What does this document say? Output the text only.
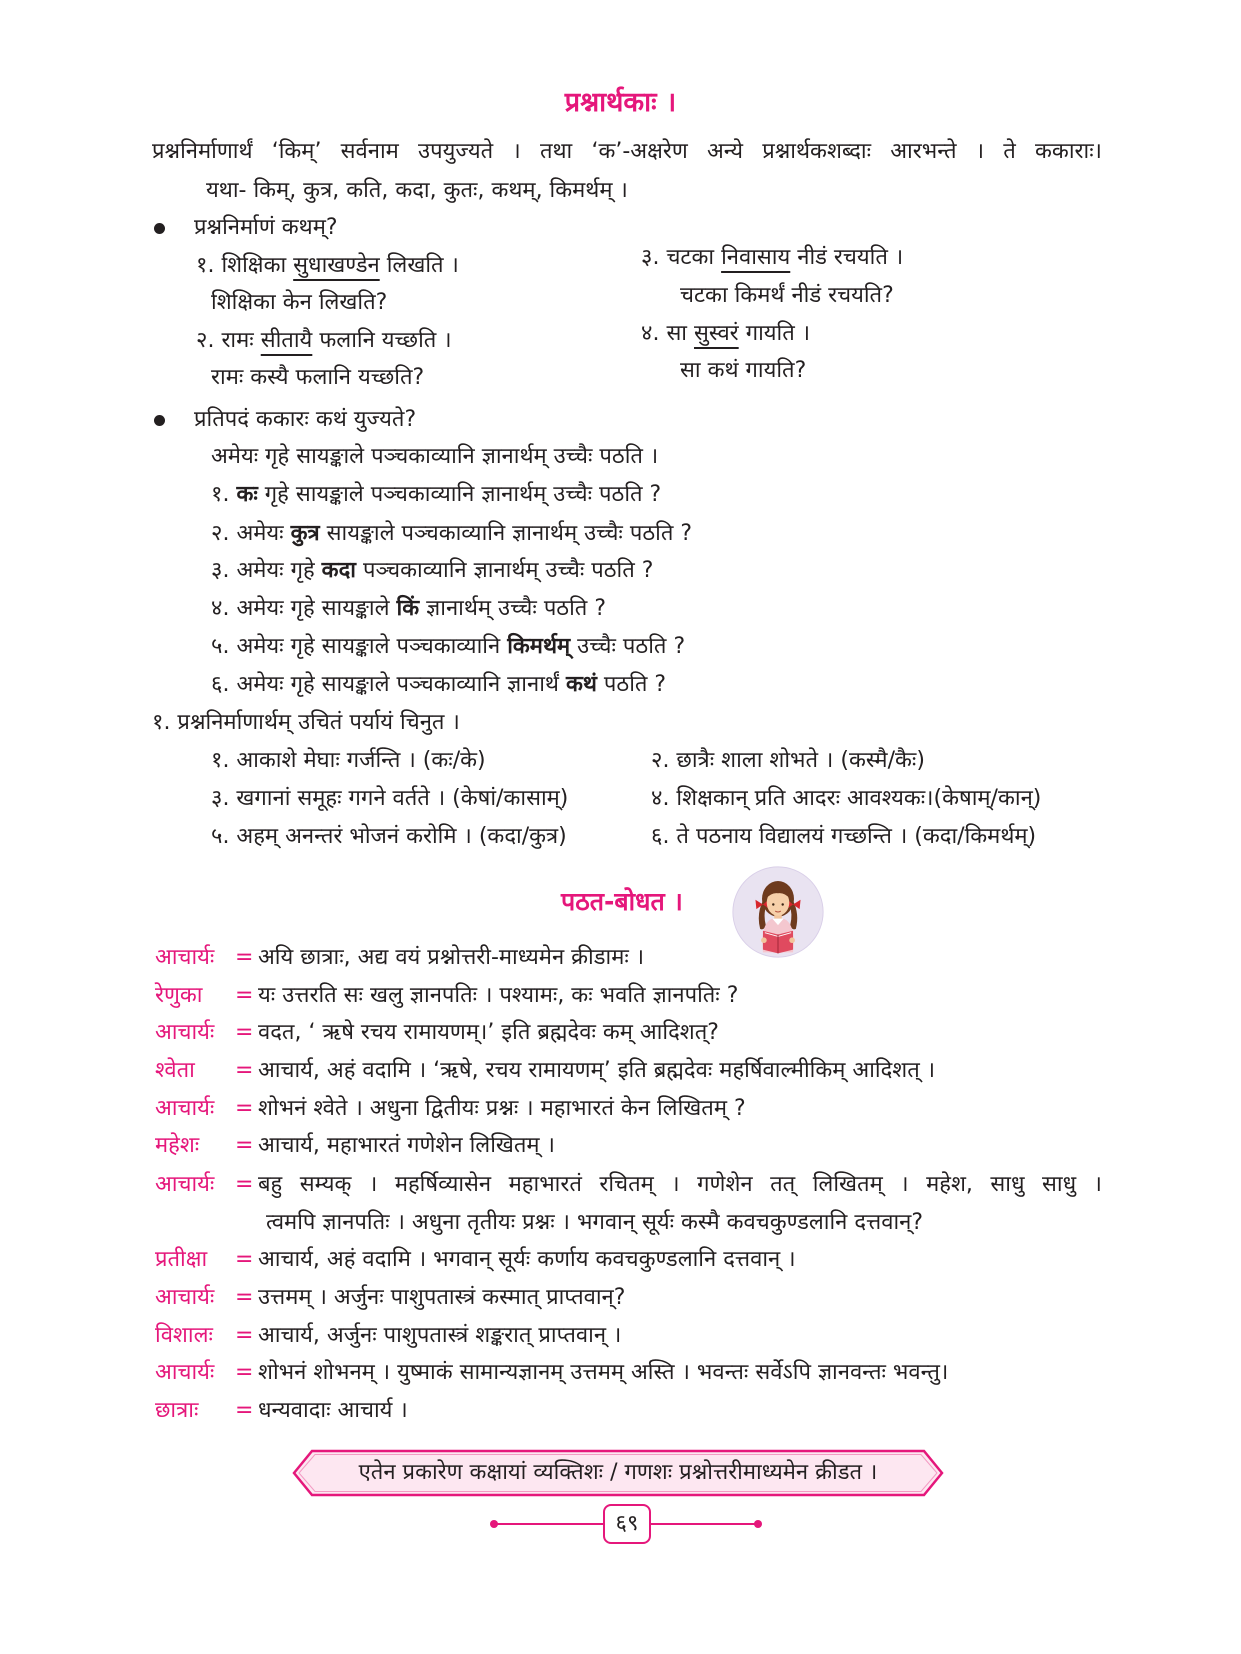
प्रश्नार्थकाः ।
प्रश्ननिर्माणार्थं ‘किम्’ सर्वनाम उपयुज्यते । तथा ‘क’-अक्षरेण अन्ये प्रश्नार्थकशब्दाः आरभन्ते । ते ककाराः।
यथा- किम्, कुत्र, कति, कदा, कुतः, कथम्, किमर्थम् ।
प्रश्ननिर्माणं कथम्?
१. शिक्षिका सुधाखण्डेन लिखति ।
शिक्षिका केन लिखति?
२. रामः सीतायै फलानि यच्छति ।
रामः कस्यै फलानि यच्छति?
३. चटका निवासाय नीडं रचयति ।
चटका किमर्थं नीडं रचयति?
४. सा सुस्वरं गायति ।
सा कथं गायति?
प्रतिपदं ककारः कथं युज्यते?
अमेयः गृहे सायङ्काले पञ्चकाव्यानि ज्ञानार्थम् उच्चैः पठति ।
१. कः गृहे सायङ्काले पञ्चकाव्यानि ज्ञानार्थम् उच्चैः पठति ?
२. अमेयः कुत्र सायङ्काले पञ्चकाव्यानि ज्ञानार्थम् उच्चैः पठति ?
३. अमेयः गृहे कदा पञ्चकाव्यानि ज्ञानार्थम् उच्चैः पठति ?
४. अमेयः गृहे सायङ्काले किं ज्ञानार्थम् उच्चैः पठति ?
५. अमेयः गृहे सायङ्काले पञ्चकाव्यानि किमर्थम् उच्चैः पठति ?
६. अमेयः गृहे सायङ्काले पञ्चकाव्यानि ज्ञानार्थं कथं पठति ?
१. प्रश्ननिर्माणार्थम् उचितं पर्यायं चिनुत ।
१. आकाशे मेघाः गर्जन्ति । (कः/के)	२. छात्रैः शाला शोभते । (कस्मै/कैः)
३. खगानां समूहः गगने वर्तते । (केषां/कासाम्)	४. शिक्षकान् प्रति आदरः आवश्यकः।(केषाम्/कान्)
५. अहम् अनन्तरं भोजनं करोमि । (कदा/कुत्र)	६. ते पठनाय विद्यालयं गच्छन्ति । (कदा/किमर्थम्)
पठत-बोधत ।
आचार्यः = अयि छात्राः, अद्य वयं प्रश्नोत्तरी-माध्यमेन क्रीडामः ।
रेणुका = यः उत्तरति सः खलु ज्ञानपतिः । पश्यामः, कः भवति ज्ञानपतिः ?
आचार्यः = वदत, ‘ ऋषे रचय रामायणम्।’ इति ब्रह्मदेवः कम् आदिशत्?
श्वेता = आचार्य, अहं वदामि । ‘ऋषे, रचय रामायणम्’ इति ब्रह्मदेवः महर्षिवाल्मीकिम् आदिशत् ।
आचार्यः = शोभनं श्वेते । अधुना द्वितीयः प्रश्नः । महाभारतं केन लिखितम् ?
महेशः = आचार्य, महाभारतं गणेशेन लिखितम् ।
आचार्यः = बहु सम्यक् । महर्षिव्यासेन महाभारतं रचितम् । गणेशेन तत् लिखितम् । महेश, साधु साधु ।
त्वमपि ज्ञानपतिः । अधुना तृतीयः प्रश्नः । भगवान् सूर्यः कस्मै कवचकुण्डलानि दत्तवान्?
प्रतीक्षा = आचार्य, अहं वदामि । भगवान् सूर्यः कर्णाय कवचकुण्डलानि दत्तवान् ।
आचार्यः = उत्तमम् । अर्जुनः पाशुपतास्त्रं कस्मात् प्राप्तवान्?
विशालः = आचार्य, अर्जुनः पाशुपतास्त्रं शङ्करात् प्राप्तवान् ।
आचार्यः = शोभनं शोभनम् । युष्माकं सामान्यज्ञानम् उत्तमम् अस्ति । भवन्तः सर्वेऽपि ज्ञानवन्तः भवन्तु।
छात्राः = धन्यवादाः आचार्य ।
एतेन प्रकारेण कक्षायां व्यक्तिशः / गणशः प्रश्नोत्तरीमाध्यमेन क्रीडत ।
६९
